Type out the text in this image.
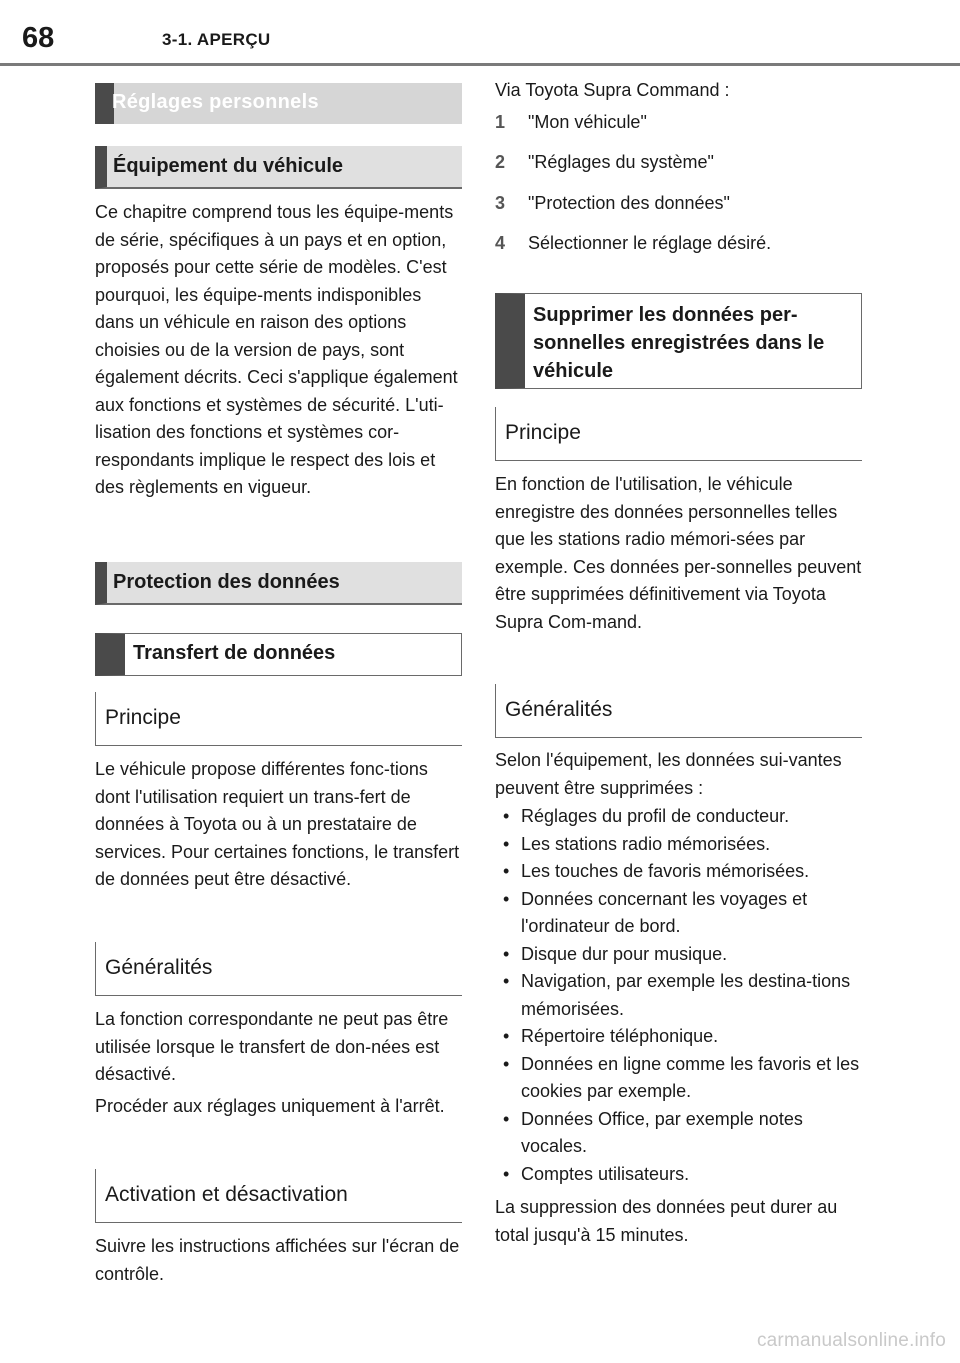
68	3-1. APERÇU
Réglages personnels
Équipement du véhicule

Ce chapitre comprend tous les équipe-ments de série, spécifiques à un pays et en option, proposés pour cette série de modèles. C'est pourquoi, les équipe-ments indisponibles dans un véhicule en raison des options choisies ou de la version de pays, sont également décrits. Ceci s'applique également aux fonctions et systèmes de sécurité. L'uti-lisation des fonctions et systèmes cor-respondants implique le respect des lois et des règlements en vigueur.

Protection des données
Transfert de données
Principe

Le véhicule propose différentes fonc-tions dont l'utilisation requiert un trans-fert de données à Toyota ou à un prestataire de services. Pour certaines fonctions, le transfert de données peut être désactivé.

Généralités

La fonction correspondante ne peut pas être utilisée lorsque le transfert de don-nées est désactivé.

Procéder aux réglages uniquement à l'arrêt.

Activation et désactivation

Suivre les instructions affichées sur l'écran de contrôle.

Via Toyota Supra Command :

1	"Mon véhicule"
2	"Réglages du système"
3	"Protection des données"
4	Sélectionner le réglage désiré.
Supprimer les données per-sonnelles enregistrées dans le véhicule
Principe

En fonction de l'utilisation, le véhicule enregistre des données personnelles telles que les stations radio mémori-sées par exemple. Ces données per-sonnelles peuvent être supprimées définitivement via Toyota Supra Com-mand.

Généralités

Selon l'équipement, les données sui-vantes peuvent être supprimées :

• Réglages du profil de conducteur.
• Les stations radio mémorisées.
• Les touches de favoris mémorisées.
• Données concernant les voyages et l'ordinateur de bord.
• Disque dur pour musique.
• Navigation, par exemple les destina-tions mémorisées.
• Répertoire téléphonique.
• Données en ligne comme les favoris et les cookies par exemple.
• Données Office, par exemple notes vocales.
• Comptes utilisateurs.

La suppression des données peut durer au total jusqu'à 15 minutes.

carmanualsonline.info
